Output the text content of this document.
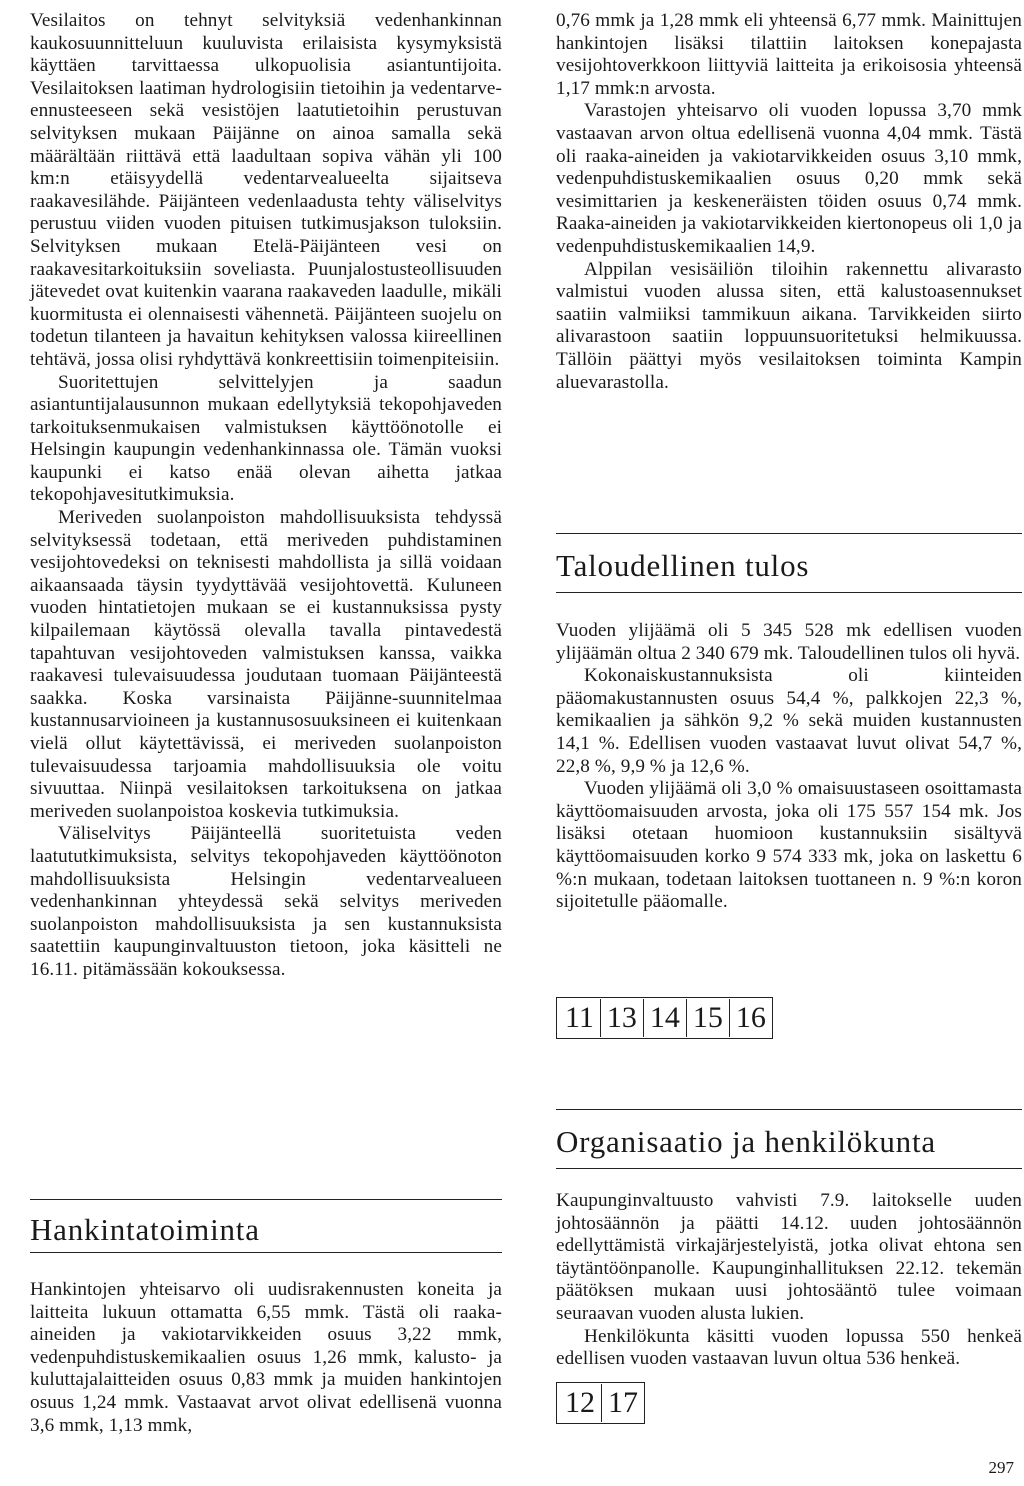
Vesilaitos on tehnyt selvityksiä vedenhankinnan kaukosuunnitteluun kuuluvista erilaisista kysymyksistä käyttäen tarvittaessa ulkopuolisia asiantuntijoita. Vesilaitoksen laatiman hydrologisiin tietoihin ja vedentarve-ennusteeseen sekä vesistöjen laatutietoihin perustuvan selvityksen mukaan Päijänne on ainoa samalla sekä määrältään riittävä että laadultaan sopiva vähän yli 100 km:n etäisyydellä vedentarvealueelta sijaitseva raakavesilähde. Päijänteen vedenlaadusta tehty väliselvitys perustuu viiden vuoden pituisen tutkimusjakson tuloksiin. Selvityksen mukaan Etelä-Päijänteen vesi on raakavesitarkoituksiin soveliasta. Puunjalostusteollisuuden jätevedet ovat kuitenkin vaarana raakaveden laadulle, mikäli kuormitusta ei olennaisesti vähennetä. Päijänteen suojelu on todetun tilanteen ja havaitun kehityksen valossa kiireellinen tehtävä, jossa olisi ryhdyttävä konkreettisiin toimenpiteisiin.

Suoritettujen selvittelyjen ja saadun asiantuntijalausunnon mukaan edellytyksiä tekopohjaveden tarkoituksenmukaisen valmistuksen käyttöönotolle ei Helsingin kaupungin vedenhankinnassa ole. Tämän vuoksi kaupunki ei katso enää olevan aihetta jatkaa tekopohjavesitutkimuksia.

Meriveden suolanpoiston mahdollisuuksista tehdyssä selvityksessä todetaan, että meriveden puhdistaminen vesijohtovedeksi on teknisesti mahdollista ja sillä voidaan aikaansaada täysin tyydyttävää vesijohtovettä. Kuluneen vuoden hintatietojen mukaan se ei kustannuksissa pysty kilpailemaan käytössä olevalla tavalla pintavedestä tapahtuvan vesijohtoveden valmistuksen kanssa, vaikka raakavesi tulevaisuudessa joudutaan tuomaan Päijänteestä saakka. Koska varsinaista Päijänne-suunnitelmaa kustannusarvioineen ja kustannusosuuksineen ei kuitenkaan vielä ollut käytettävissä, ei meriveden suolanpoiston tulevaisuudessa tarjoamia mahdollisuuksia ole voitu sivuuttaa. Niinpä vesilaitoksen tarkoituksena on jatkaa meriveden suolanpoistoa koskevia tutkimuksia.

Väliselvitys Päijänteellä suoritetuista veden laatututkimuksista, selvitys tekopohjaveden käyttöönoton mahdollisuuksista Helsingin vedentarvealueen vedenhankinnan yhteydessä sekä selvitys meriveden suolanpoiston mahdollisuuksista ja sen kustannuksista saatettiin kaupunginvaltuuston tietoon, joka käsitteli ne 16.11. pitämässään kokouksessa.

Hankintatoiminta

Hankintojen yhteisarvo oli uudisrakennusten koneita ja laitteita lukuun ottamatta 6,55 mmk. Tästä oli raaka-aineiden ja vakiotarvikkeiden osuus 3,22 mmk, vedenpuhdistuskemikaalien osuus 1,26 mmk, kalusto- ja kuluttajalaitteiden osuus 0,83 mmk ja muiden hankintojen osuus 1,24 mmk. Vastaavat arvot olivat edellisenä vuonna 3,6 mmk, 1,13 mmk,

0,76 mmk ja 1,28 mmk eli yhteensä 6,77 mmk. Mainittujen hankintojen lisäksi tilattiin laitoksen konepajasta vesijohtoverkkoon liittyviä laitteita ja erikoisosia yhteensä 1,17 mmk:n arvosta.

Varastojen yhteisarvo oli vuoden lopussa 3,70 mmk vastaavan arvon oltua edellisenä vuonna 4,04 mmk. Tästä oli raaka-aineiden ja vakiotarvikkeiden osuus 3,10 mmk, vedenpuhdistuskemikaalien osuus 0,20 mmk sekä vesimittarien ja keskeneräisten töiden osuus 0,74 mmk. Raaka-aineiden ja vakiotarvikkeiden kiertonopeus oli 1,0 ja vedenpuhdistuskemikaalien 14,9.

Alppilan vesisäiliön tiloihin rakennettu alivarasto valmistui vuoden alussa siten, että kalustoasennukset saatiin valmiiksi tammikuun aikana. Tarvikkeiden siirto alivarastoon saatiin loppuunsuoritetuksi helmikuussa. Tällöin päättyi myös vesilaitoksen toiminta Kampin aluevarastolla.

Taloudellinen tulos

Vuoden ylijäämä oli 5 345 528 mk edellisen vuoden ylijäämän oltua 2 340 679 mk. Taloudellinen tulos oli hyvä.

Kokonaiskustannuksista oli kiinteiden pääomakustannusten osuus 54,4 %, palkkojen 22,3 %, kemikaalien ja sähkön 9,2 % sekä muiden kustannusten 14,1 %. Edellisen vuoden vastaavat luvut olivat 54,7 %, 22,8 %, 9,9 % ja 12,6 %.

Vuoden ylijäämä oli 3,0 % omaisuustaseen osoittamasta käyttöomaisuuden arvosta, joka oli 175 557 154 mk. Jos lisäksi otetaan huomioon kustannuksiin sisältyvä käyttöomaisuuden korko 9 574 333 mk, joka on laskettu 6 %:n mukaan, todetaan laitoksen tuottaneen n. 9 %:n koron sijoitetulle pääomalle.

11 13 14 15 16
Organisaatio ja henkilökunta

Kaupunginvaltuusto vahvisti 7.9. laitokselle uuden johtosäännön ja päätti 14.12. uuden johtosäännön edellyttämistä virkajärjestelyistä, jotka olivat ehtona sen täytäntöönpanolle. Kaupunginhallituksen 22.12. tekemän päätöksen mukaan uusi johtosääntö tulee voimaan seuraavan vuoden alusta lukien.

Henkilökunta käsitti vuoden lopussa 550 henkeä edellisen vuoden vastaavan luvun oltua 536 henkeä.

12 17
297
